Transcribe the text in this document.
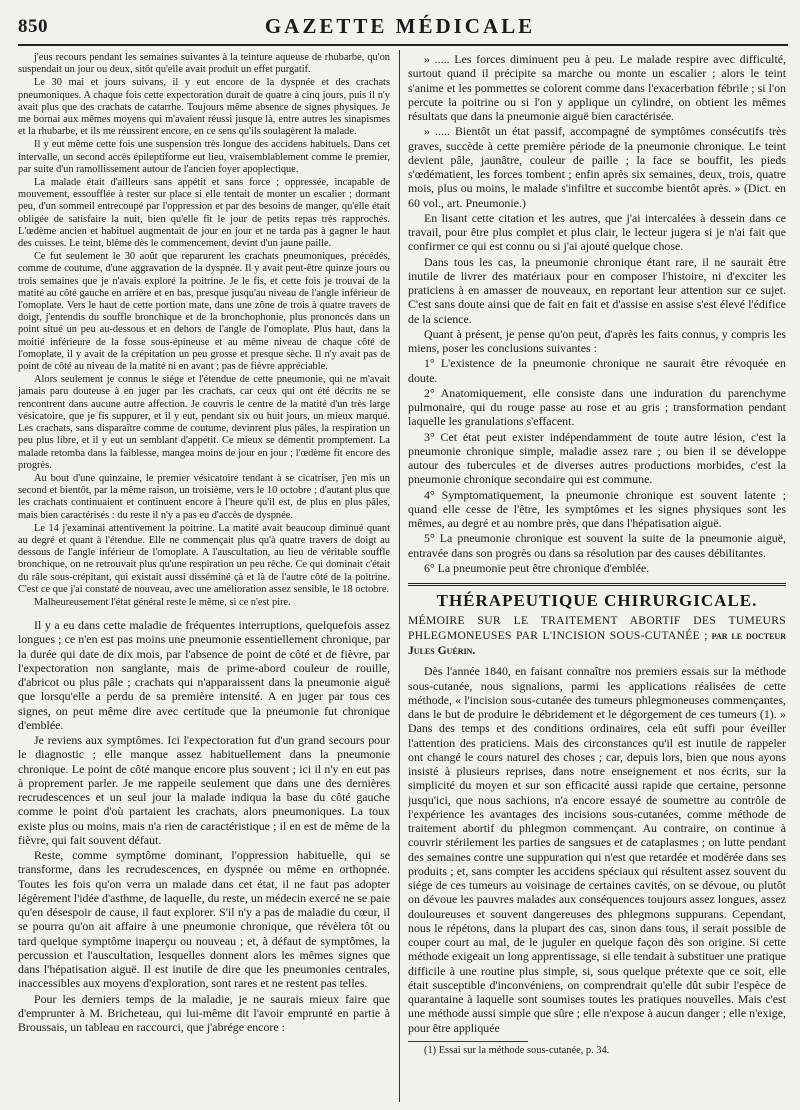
850	GAZETTE MÉDICALE

j'eus recours pendant les semaines suivantes à la teinture aqueuse de rhubarbe, qu'on suspendait un jour ou deux, sitôt qu'elle avait produit un effet purgatif.

Le 30 mai et jours suivans, il y eut encore de la dyspnée et des crachats pneumoniques. A chaque fois cette expectoration durait de quatre à cinq jours, puis il n'y avait plus que des crachats de catarrhe. Toujours même absence de signes physiques. Je me bornai aux mêmes moyens qui m'avaient réussi jusque là, entre autres les sinapismes et la rhubarbe, et ils me réussirent encore, en ce sens qu'ils soulagèrent la malade.

Il y eut même cette fois une suspension très longue des accidens habituels. Dans cet intervalle, un second accès épileptiforme eut lieu, vraisemblablement comme le premier, par suite d'un ramollissement autour de l'ancien foyer apoplectique.

La malade était d'ailleurs sans appétit et sans force ; oppressée, incapable de mouvement, essoufflée à rester sur place si elle tentait de monter un escalier ; dormant peu, d'un sommeil entrecoupé par l'oppression et par des besoins de manger, qu'elle était obligée de satisfaire la nuit, bien qu'elle fît le jour de petits repas très rapprochés. L'œdème ancien et habituel augmentait de jour en jour et ne tarda pas à gagner le haut des cuisses. Le teint, blême dès le commencement, devint d'un jaune paille.

Ce fut seulement le 30 août que reparurent les crachats pneumoniques, précédés, comme de coutume, d'une aggravation de la dyspnée. Il y avait peut-être quinze jours ou trois semaines que je n'avais exploré la poitrine. Je le fis, et cette fois je trouvai de la matité au côté gauche en arrière et en bas, presque jusqu'au niveau de l'angle inférieur de l'omoplate. Vers le haut de cette portion mate, dans une zône de trois à quatre travers de doigt, j'entendis du souffle bronchique et de la bronchophonie, plus prononcés dans un point situé un peu au-dessous et en dehors de l'angle de l'omoplate. Plus haut, dans la moitié inférieure de la fosse sous-épineuse et au même niveau de chaque côté de l'omoplate, il y avait de la crépitation un peu grosse et presque sèche. Il n'y avait pas de point de côté au niveau de la matité ni en avant ; pas de fièvre appréciable.

Alors seulement je connus le siége et l'étendue de cette pneumonie, qui ne m'avait jamais paru douteuse à en juger par les crachats, car ceux qui ont été décrits ne se rencontrent dans aucune autre affection. Je couvris le centre de la matité d'un très large vésicatoire, que je fis suppurer, et il y eut, pendant six ou huit jours, un mieux marqué. Les crachats, sans disparaître comme de coutume, devinrent plus pâles, la respiration un peu plus libre, et il y eut un semblant d'appétit. Ce mieux se démentit promptement. La malade retomba dans la faiblesse, mangea moins de jour en jour ; l'œdème fit encore des progrès.

Au bout d'une quinzaine, le premier vésicatoire tendant à se cicatriser, j'en mis un second et bientôt, par la même raison, un troisième, vers le 10 octobre ; d'autant plus que les crachats continuaient et continuent encore à l'heure qu'il est, de plus en plus pâles, mais bien caractérisés : du reste il n'y a pas eu d'accès de dyspnée.

Le 14 j'examinai attentivement la poitrine. La matité avait beaucoup diminué quant au degré et quant à l'étendue. Elle ne commençait plus qu'à quatre travers de doigt au dessous de l'angle inférieur de l'omoplate. A l'auscultation, au lieu de véritable souffle bronchique, on ne retrouvait plus qu'une respiration un peu rêche. Ce qui dominait c'était du râle sous-crépitant, qui existait aussi disséminé çà et là de l'autre côté de la poitrine. C'est ce que j'ai constaté de nouveau, avec une amélioration assez sensible, le 18 octobre.

Malheureusement l'état général reste le même, si ce n'est pire.

Il y a eu dans cette maladie de fréquentes interruptions, quelquefois assez longues ; ce n'en est pas moins une pneumonie essentiellement chronique, par la durée qui date de dix mois, par l'absence de point de côté et de fièvre, par l'expectoration non sanglante, mais de prime-abord couleur de rouille, d'abricot ou plus pâle ; crachats qui n'apparaissent dans la pneumonie aiguë que lorsqu'elle a perdu de sa première intensité. A en juger par tous ces signes, on peut même dire avec certitude que la pneumonie fut chronique d'emblée.

Je reviens aux symptômes. Ici l'expectoration fut d'un grand secours pour le diagnostic ; elle manque assez habituellement dans la pneumonie chronique. Le point de côté manque encore plus souvent ; ici il n'y en eut pas à proprement parler. Je me rappeile seulement que dans une des dernières recrudescences et un seul jour la malade indiqua la base du côté gauche comme le point d'où partaient les crachats, alors pneumoniques. La toux existe plus ou moins, mais n'a rien de caractéristique ; il en est de même de la fièvre, qui fait souvent défaut.

Reste, comme symptôme dominant, l'oppression habituelle, qui se transforme, dans les recrudescences, en dyspnée ou même en orthopnée. Toutes les fois qu'on verra un malade dans cet état, il ne faut pas adopter légèrement l'idée d'asthme, de laquelle, du reste, un médecin exercé ne se paie qu'en désespoir de cause, il faut explorer. S'il n'y a pas de maladie du cœur, il se pourra qu'on ait affaire à une pneumonie chronique, que révèlera tôt ou tard quelque symptôme inaperçu ou nouveau ; et, à défaut de symptômes, la percussion et l'auscultation, lesquelles donnent alors les mêmes signes que dans l'hépatisation aiguë. Il est inutile de dire que les pneumonies centrales, inaccessibles aux moyens d'exploration, sont rares et ne restent pas telles.

Pour les derniers temps de la maladie, je ne saurais mieux faire que d'emprunter à M. Bricheteau, qui lui-même dit l'avoir emprunté en partie à Broussais, un tableau en raccourci, que j'abrége encore :

» ..... Les forces diminuent peu à peu. Le malade respire avec difficulté, surtout quand il précipite sa marche ou monte un escalier ; alors le teint s'anime et les pommettes se colorent comme dans l'exacerbation fébrile ; si l'on percute la poitrine ou si l'on y applique un cylindre, on obtient les mêmes résultats que dans la pneumonie aiguë bien caractérisée.

» ..... Bientôt un état passif, accompagné de symptômes consécutifs très graves, succède à cette première période de la pneumonie chronique. Le teint devient pâle, jaunâtre, couleur de paille ; la face se bouffit, les pieds s'œdématient, les forces tombent ; enfin après six semaines, deux, trois, quatre mois, plus ou moins, le malade s'infiltre et succombe bientôt après. » (Dict. en 60 vol., art. Pneumonie.)

En lisant cette citation et les autres, que j'ai intercalées à dessein dans ce travail, pour être plus complet et plus clair, le lecteur jugera si je n'ai fait que confirmer ce qui est connu ou si j'ai ajouté quelque chose.

Dans tous les cas, la pneumonie chronique étant rare, il ne saurait être inutile de livrer des matériaux pour en composer l'histoire, ni d'exciter les praticiens à en amasser de nouveaux, en reportant leur attention sur ce sujet. C'est sans doute ainsi que de fait en fait et d'assise en assise s'est élevé l'édifice de la science.

Quant à présent, je pense qu'on peut, d'après les faits connus, y compris les miens, poser les conclusions suivantes :

1° L'existence de la pneumonie chronique ne saurait être révoquée en doute.

2° Anatomiquement, elle consiste dans une induration du parenchyme pulmonaire, qui du rouge passe au rose et au gris ; transformation pendant laquelle les granulations s'effacent.

3° Cet état peut exister indépendamment de toute autre lésion, c'est la pneumonie chronique simple, maladie assez rare ; ou bien il se développe autour des tubercules et de diverses autres productions morbides, c'est la pneumonie chronique secondaire qui est commune.

4° Symptomatiquement, la pneumonie chronique est souvent latente ; quand elle cesse de l'être, les symptômes et les signes physiques sont les mêmes, au degré et au nombre près, que dans l'hépatisation aiguë.

5° La pneumonie chronique est souvent la suite de la pneumonie aiguë, entravée dans son progrès ou dans sa résolution par des causes débilitantes.

6° La pneumonie peut être chronique d'emblée.

THÉRAPEUTIQUE CHIRURGICALE.
MÉMOIRE SUR LE TRAITEMENT ABORTIF DES TUMEURS PHLEGMONEUSES PAR L'INCISION SOUS-CUTANÉE ; par le docteur Jules Guérin.

Dès l'année 1840, en faisant connaître nos premiers essais sur la méthode sous-cutanée, nous signalions, parmi les applications réalisées de cette méthode, « l'incision sous-cutanée des tumeurs phlegmoneuses commençantes, dans le but de produire le débridement et le dégorgement de ces tumeurs (1). » Dans des temps et des conditions ordinaires, cela eût suffi pour éveiller l'attention des praticiens. Mais des circonstances qu'il est inutile de rappeler ont changé le cours naturel des choses ; car, depuis lors, bien que nous ayons insisté à plusieurs reprises, dans notre enseignement et nos écrits, sur la simplicité du moyen et sur son efficacité aussi rapide que certaine, personne jusqu'ici, que nous sachions, n'a encore essayé de soumettre au contrôle de l'expérience les avantages des incisions sous-cutanées, comme méthode de traitement abortif du phlegmon commençant. Au contraire, on continue à couvrir stérilement les parties de sangsues et de cataplasmes ; on lutte pendant des semaines contre une suppuration qui n'est que retardée et modérée dans ses produits ; et, sans compter les accidens spéciaux qui résultent assez souvent du siége de ces tumeurs au voisinage de certaines cavités, on se dévoue, ou plutôt on dévoue les pauvres malades aux conséquences toujours assez longues, assez douloureuses et souvent dangereuses des phlegmons suppurans. Cependant, nous le répétons, dans la plupart des cas, sinon dans tous, il serait possible de couper court au mal, de le juguler en quelque façon dès son origine. Si cette méthode exigeait un long apprentissage, si elle tendait à substituer une pratique difficile à une routine plus simple, si, sous quelque prétexte que ce soit, elle était susceptible d'inconvéniens, on comprendrait qu'elle dût subir l'espèce de quarantaine à laquelle sont soumises toutes les pratiques nouvelles. Mais c'est une méthode aussi simple que sûre ; elle n'expose à aucun danger ; elle n'exige, pour être appliquée

(1) Essai sur la méthode sous-cutanée, p. 34.
